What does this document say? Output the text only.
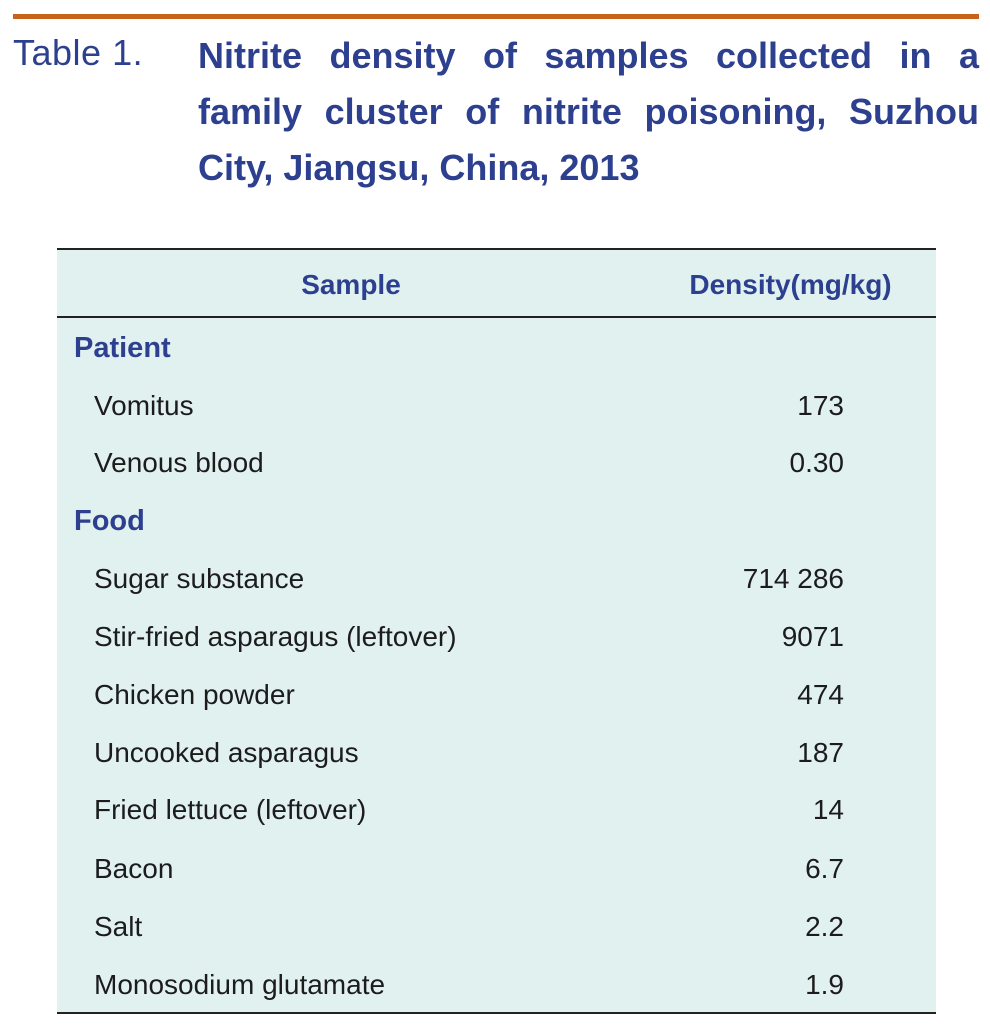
Table 1. Nitrite density of samples collected in a family cluster of nitrite poisoning, Suzhou City, Jiangsu, China, 2013
Sample	Density(mg/kg)
Patient
Vomitus	173
Venous blood	0.30
Food
Sugar substance	714 286
Stir-fried asparagus (leftover)	9071
Chicken powder	474
Uncooked asparagus	187
Fried lettuce (leftover)	14
Bacon	6.7
Salt	2.2
Monosodium glutamate	1.9
